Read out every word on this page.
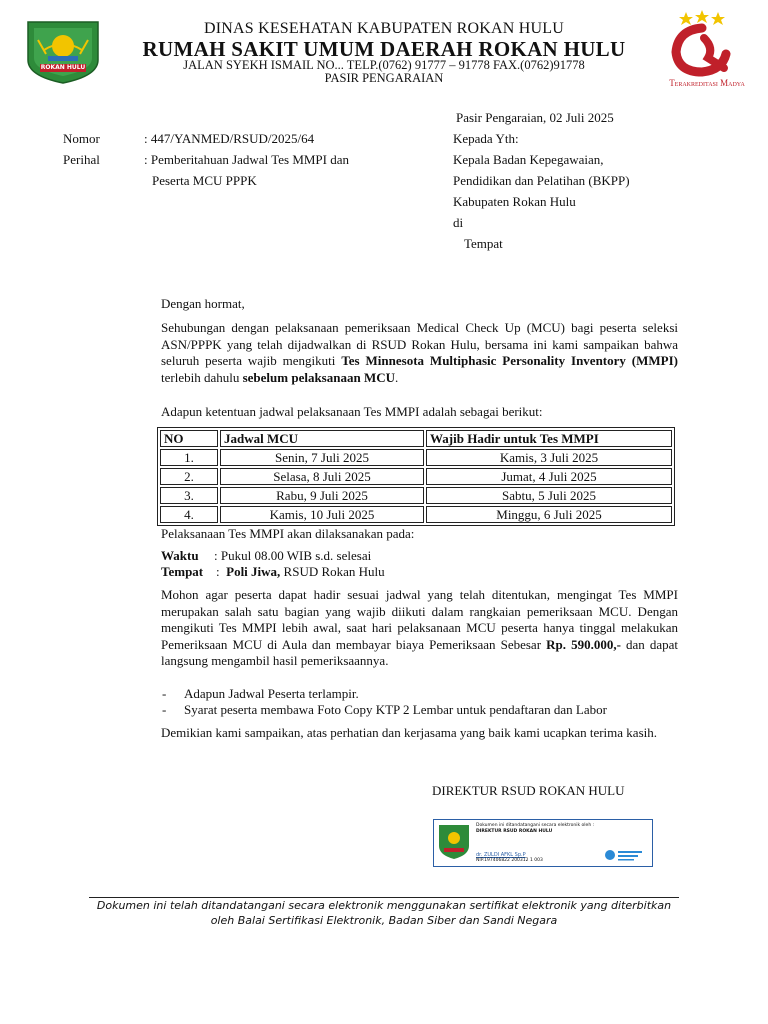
ROKAN HULU
DINAS KESEHATAN KABUPATEN ROKAN HULU
RUMAH SAKIT UMUM DAERAH ROKAN HULU
JALAN SYEKH ISMAIL NO... TELP.(0762) 91777 – 91778 FAX.(0762)91778
PASIR PENGARAIAN	Terakreditasi Madya
Pasir Pengaraian, 02 Juli 2025
Nomor	: 447/YANMED/RSUD/2025/64
Perihal	: Pemberitahuan Jadwal Tes MMPI dan
Peserta MCU PPPK
Kepada Yth:
Kepala Badan Kepegawaian,
Pendidikan dan Pelatihan (BKPP)
Kabupaten Rokan Hulu
di
Tempat
Dengan hormat,
Sehubungan dengan pelaksanaan pemeriksaan Medical Check Up (MCU) bagi peserta seleksi ASN/PPPK yang telah dijadwalkan di RSUD Rokan Hulu, bersama ini kami sampaikan bahwa seluruh peserta wajib mengikuti Tes Minnesota Multiphasic Personality Inventory (MMPI) terlebih dahulu sebelum pelaksanaan MCU.
Adapun ketentuan jadwal pelaksanaan Tes MMPI adalah sebagai berikut:
NO	Jadwal MCU	Wajib Hadir untuk Tes MMPI
1.	Senin, 7 Juli 2025	Kamis, 3 Juli 2025
2.	Selasa, 8 Juli 2025	Jumat, 4 Juli 2025
3.	Rabu, 9 Juli 2025	Sabtu, 5 Juli 2025
4.	Kamis, 10 Juli 2025	Minggu, 6 Juli 2025
Pelaksanaan Tes MMPI akan dilaksanakan pada:
Waktu : Pukul 08.00 WIB s.d. selesai
Tempat : Poli Jiwa, RSUD Rokan Hulu
Mohon agar peserta dapat hadir sesuai jadwal yang telah ditentukan, mengingat Tes MMPI merupakan salah satu bagian yang wajib diikuti dalam rangkaian pemeriksaan MCU. Dengan mengikuti Tes MMPI lebih awal, saat hari pelaksanaan MCU peserta hanya tinggal melakukan Pemeriksaan MCU di Aula dan membayar biaya Pemeriksaan Sebesar Rp. 590.000,- dan dapat langsung mengambil hasil pemeriksaannya.
- Adapun Jadwal Peserta terlampir.
- Syarat peserta membawa Foto Copy KTP 2 Lembar untuk pendaftaran dan Labor
Demikian kami sampaikan, atas perhatian dan kerjasama yang baik kami ucapkan terima kasih.
DIREKTUR RSUD ROKAN HULU
Dokumen ini ditandatangani secara elektronik oleh :
DIREKTUR RSUD ROKAN HULU
dr. ZULDI AFKL Sp.P
NIP.197406822 200312 1 003
Dokumen ini telah ditandatangani secara elektronik menggunakan sertifikat elektronik yang diterbitkan
oleh Balai Sertifikasi Elektronik, Badan Siber dan Sandi Negara
